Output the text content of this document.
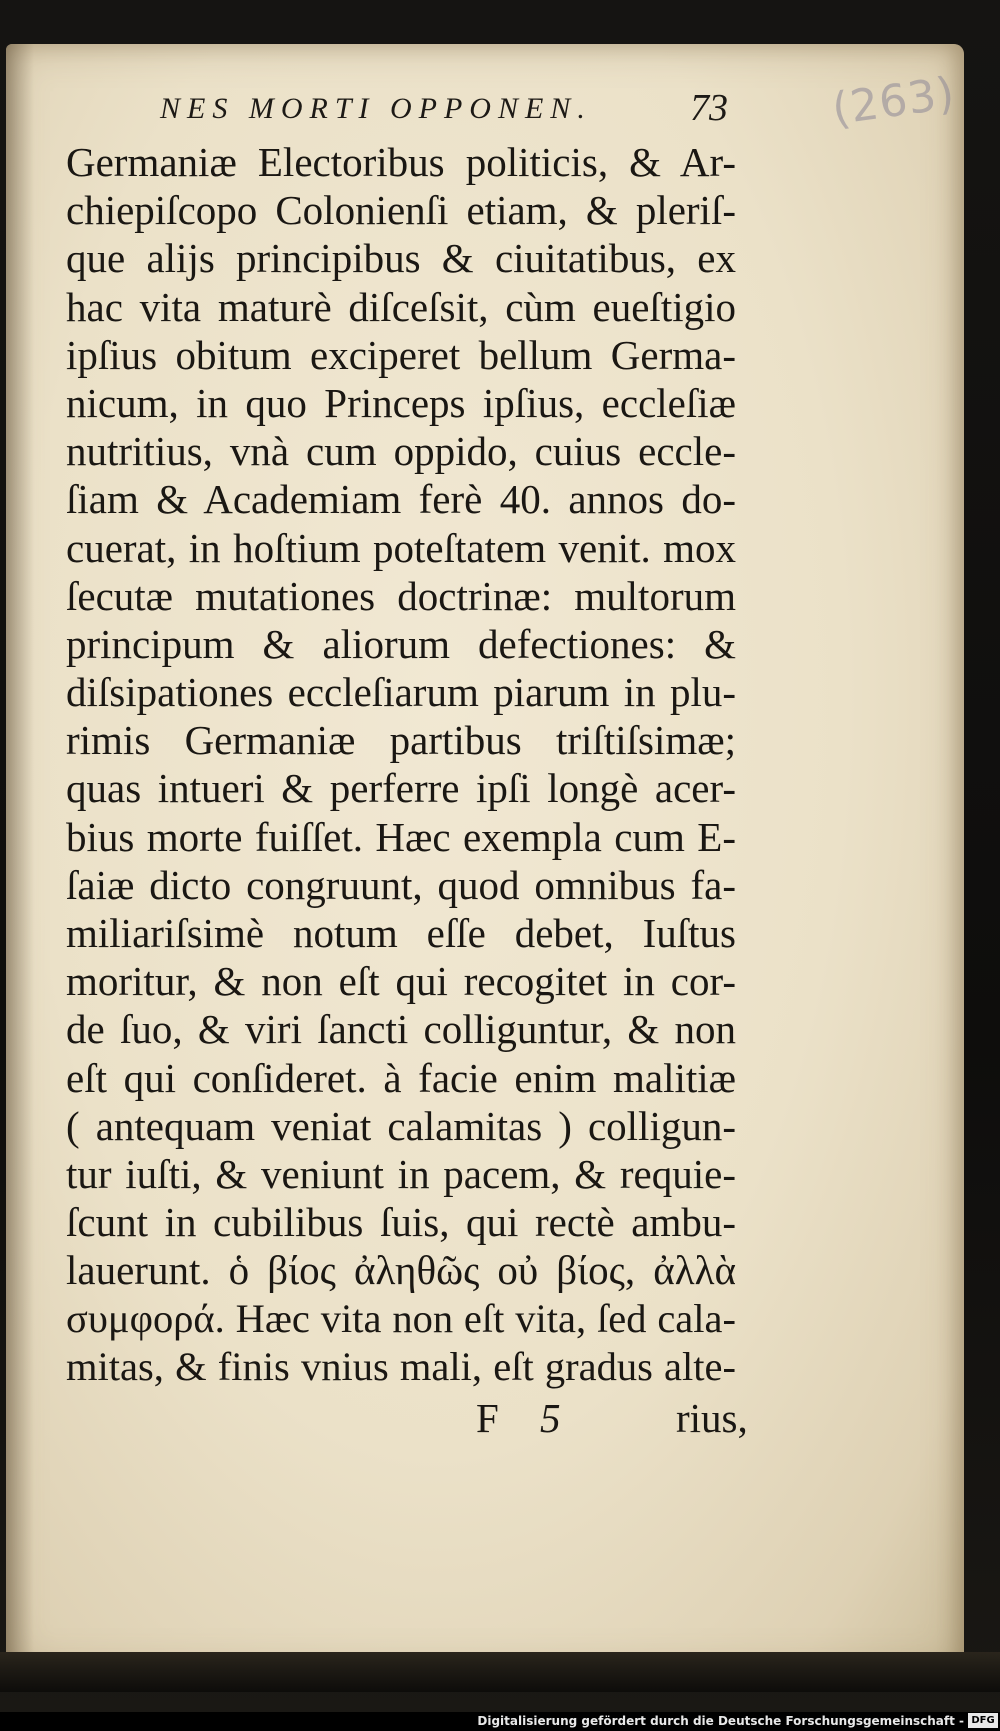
(263)
NES MORTI OPPONEN.	73
Germaniæ Electoribus politicis, & Ar-
chiepiſcopo Colonienſi etiam, & pleriſ-
que alijs principibus & ciuitatibus, ex
hac vita maturè diſceſsit, cùm eueſtigio
ipſius obitum exciperet bellum Germa-
nicum, in quo Princeps ipſius, eccleſiæ
nutritius, vnà cum oppido, cuius eccle-
ſiam & Academiam ferè 40. annos do-
cuerat, in hoſtium poteſtatem venit. mox
ſecutæ mutationes doctrinæ: multorum
principum & aliorum defectiones: &
diſsipationes eccleſiarum piarum in plu-
rimis Germaniæ partibus triſtiſsimæ;
quas intueri & perferre ipſi longè acer-
bius morte fuiſſet. Hæc exempla cum E-
ſaiæ dicto congruunt, quod omnibus fa-
miliariſsimè notum eſſe debet, Iuſtus
moritur, & non eſt qui recogitet in cor-
de ſuo, & viri ſancti colliguntur, & non
eſt qui conſideret. à facie enim malitiæ
( antequam veniat calamitas ) collіgun-
tur iuſti, & veniunt in pacem, & requie-
ſcunt in cubilibus ſuis, qui rectè ambu-
lauerunt. ὁ βίος ἀληθῶς οὐ βίος, ἀλλὰ
συμφορά. Hæc vita non eſt vita, ſed cala-
mitas, & finis vnius mali, eſt gradus alte-
F 5	rius,
Digitalisierung gefördert durch die Deutsche Forschungsgemeinschaft - DFG
